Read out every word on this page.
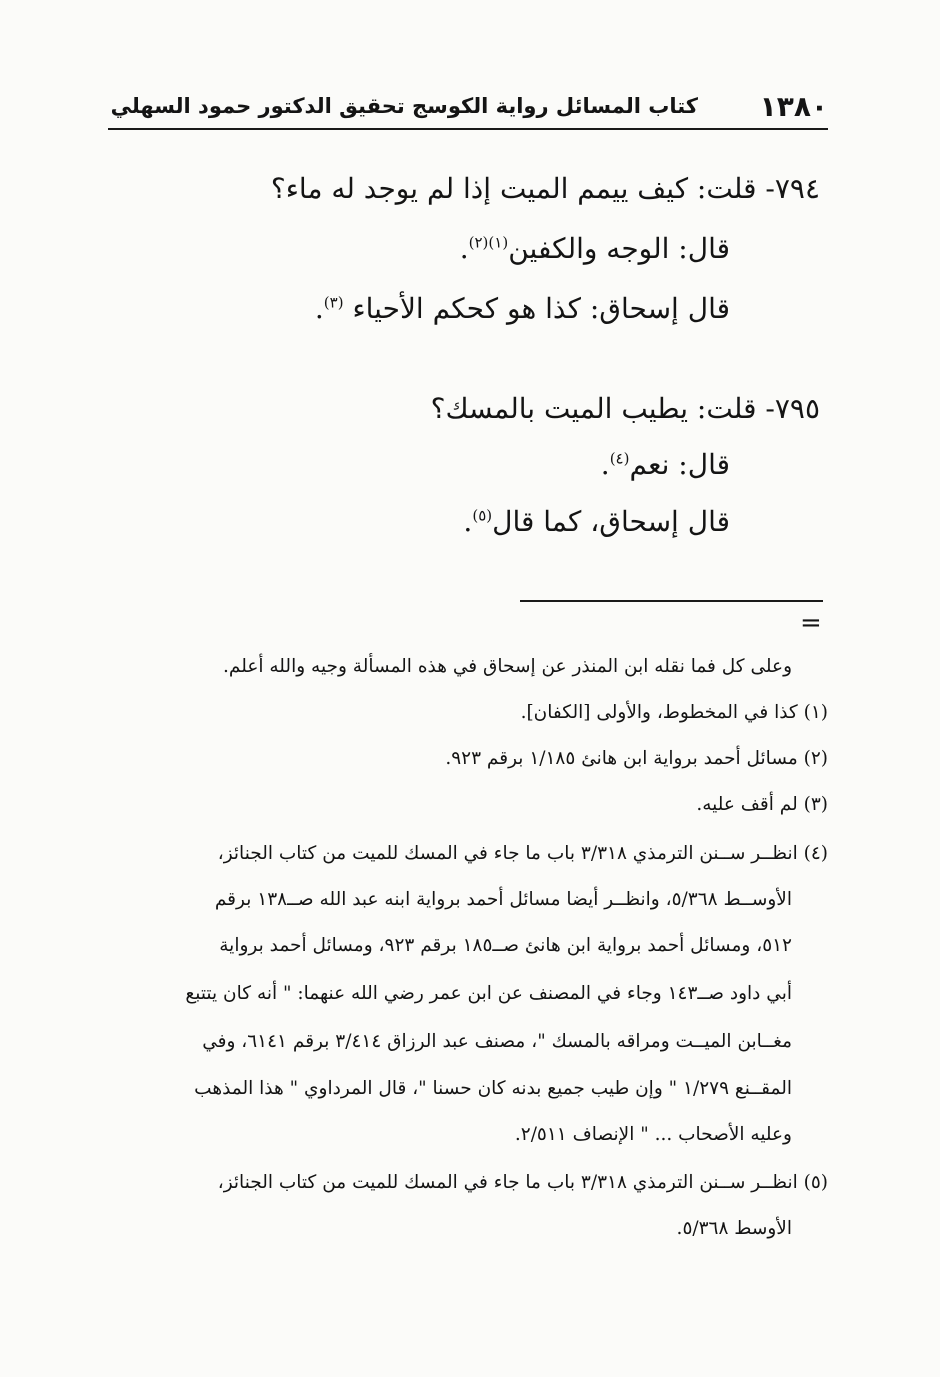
١٣٨٠
كتاب المسائل رواية الكوسج تحقيق الدكتور حمود السهلي
٧٩٤- قلت: كيف ييمم الميت إذا لم يوجد له ماء؟
قال: الوجه والكفين$^{(١)(٢)}$.
قال إسحاق: كذا هو كحكم الأحياء $^{(٣)}$.
٧٩٥- قلت: يطيب الميت بالمسك؟
قال: نعم$^{(٤)}$.
قال إسحاق، كما قال$^{(٥)}$.
=
وعلى كل فما نقله ابن المنذر عن إسحاق في هذه المسألة وجيه والله أعلم.
(١) كذا في المخطوط، والأولى [الكفان].
(٢) مسائل أحمد برواية ابن هانئ ١/١٨٥ برقم ٩٢٣.
(٣) لم أقف عليه.
(٤) انظــر ســنن الترمذي ٣/٣١٨ باب ما جاء في المسك للميت من كتاب الجنائز،
الأوســط ٥/٣٦٨، وانظــر أيضا مسائل أحمد برواية ابنه عبد الله صــ١٣٨ برقم
٥١٢، ومسائل أحمد برواية ابن هانئ صــ١٨٥ برقم ٩٢٣، ومسائل أحمد برواية
أبي داود صــ١٤٣ وجاء في المصنف عن ابن عمر رضي الله عنهما: " أنه كان يتتبع
مغــابن الميــت ومراقه بالمسك "، مصنف عبد الرزاق ٣/٤١٤ برقم ٦١٤١، وفي
المقــنع ١/٢٧٩ " وإن طيب جميع بدنه كان حسنا "، قال المرداوي " هذا المذهب
وعليه الأصحاب ... " الإنصاف ٢/٥١١.
(٥) انظــر ســنن الترمذي ٣/٣١٨ باب ما جاء في المسك للميت من كتاب الجنائز،
الأوسط ٥/٣٦٨.
